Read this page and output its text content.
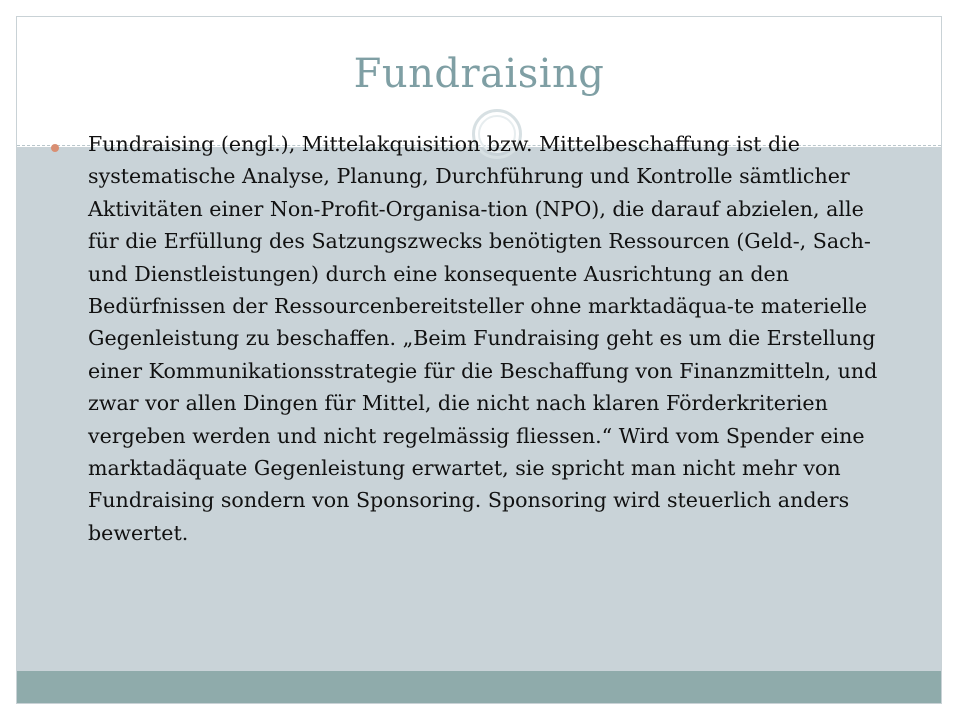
Fundraising
Fundraising (engl.), Mittelakquisition bzw. Mittelbeschaffung ist die systematische Analyse, Planung, Durchführung und Kontrolle sämtlicher Aktivitäten einer Non-Profit-Organisa-tion (NPO), die darauf abzielen, alle für die Erfüllung des Satzungszwecks benötigten Ressourcen (Geld-, Sach- und Dienstleistungen) durch eine konsequente Ausrichtung an den Bedürfnissen der Ressourcenbereitsteller ohne marktadäqua-te materielle Gegenleistung zu beschaffen. „Beim Fundraising geht es um die Erstellung einer Kommunikationsstrategie für die Beschaffung von Finanzmitteln, und zwar vor allen Dingen für Mittel, die nicht nach klaren Förderkriterien vergeben werden und nicht regelmässig fliessen.“ Wird vom Spender eine marktadäquate Gegenleistung erwartet, sie spricht man nicht mehr von Fundraising sondern von Sponsoring. Sponsoring wird steuerlich anders bewertet.
